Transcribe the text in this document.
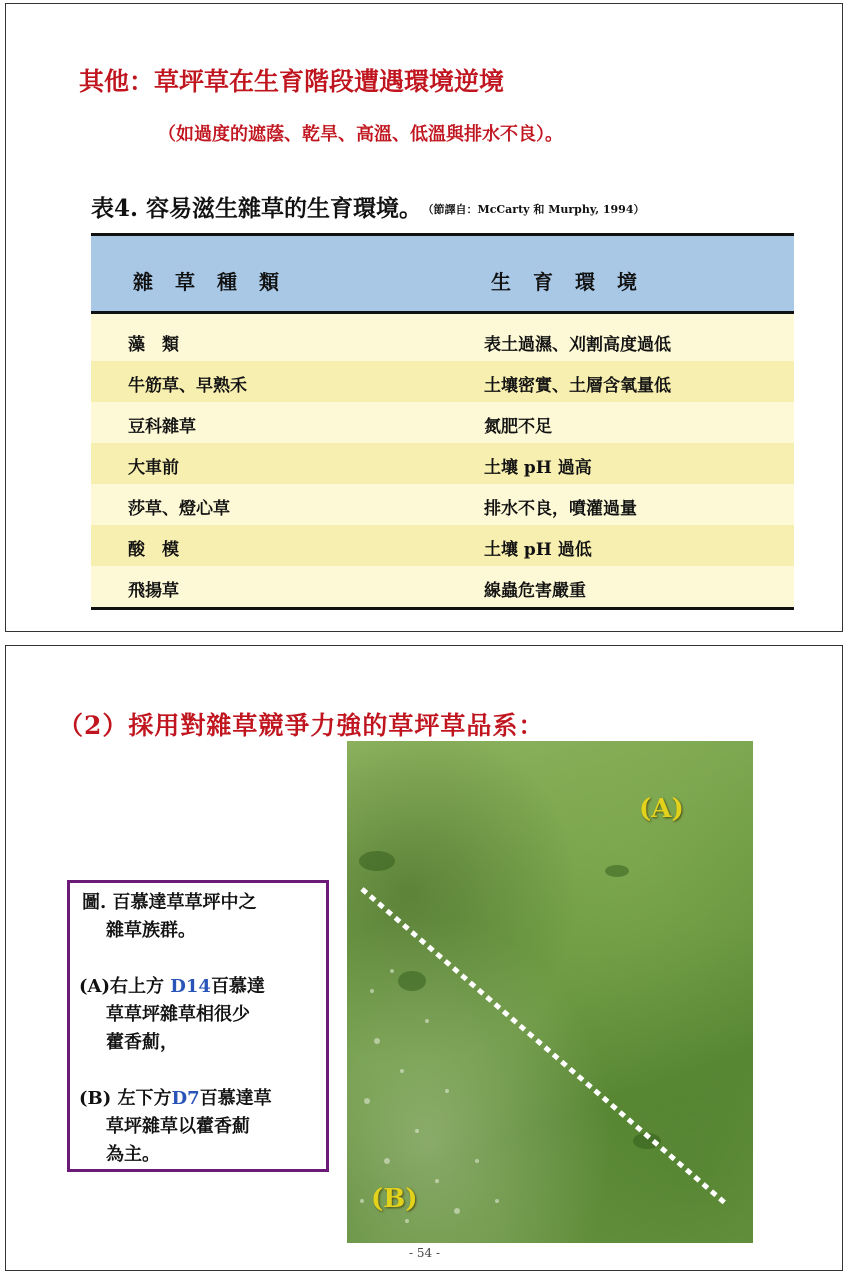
其他：草坪草在生育階段遭遇環境逆境
（如過度的遮蔭、乾旱、高溫、低溫與排水不良）。
表4. 容易滋生雜草的生育環境。 （節譯自：McCarty 和 Murphy, 1994）
雜草種類	生育環境
藻　類	表土過濕、刈割高度過低
牛筋草、早熟禾	土壤密實、土層含氧量低
豆科雜草	氮肥不足
大車前	土壤 pH 過高
莎草、燈心草	排水不良，噴灌過量
酸　模	土壤 pH 過低
飛揚草	線蟲危害嚴重
（2）採用對雜草競爭力強的草坪草品系：
(A)
(B)
圖. 百慕達草草坪中之
雜草族群。
(A)右上方 D14百慕達
草草坪雜草相很少
藿香薊，
(B) 左下方D7百慕達草
草坪雜草以藿香薊
為主。
- 54 -
